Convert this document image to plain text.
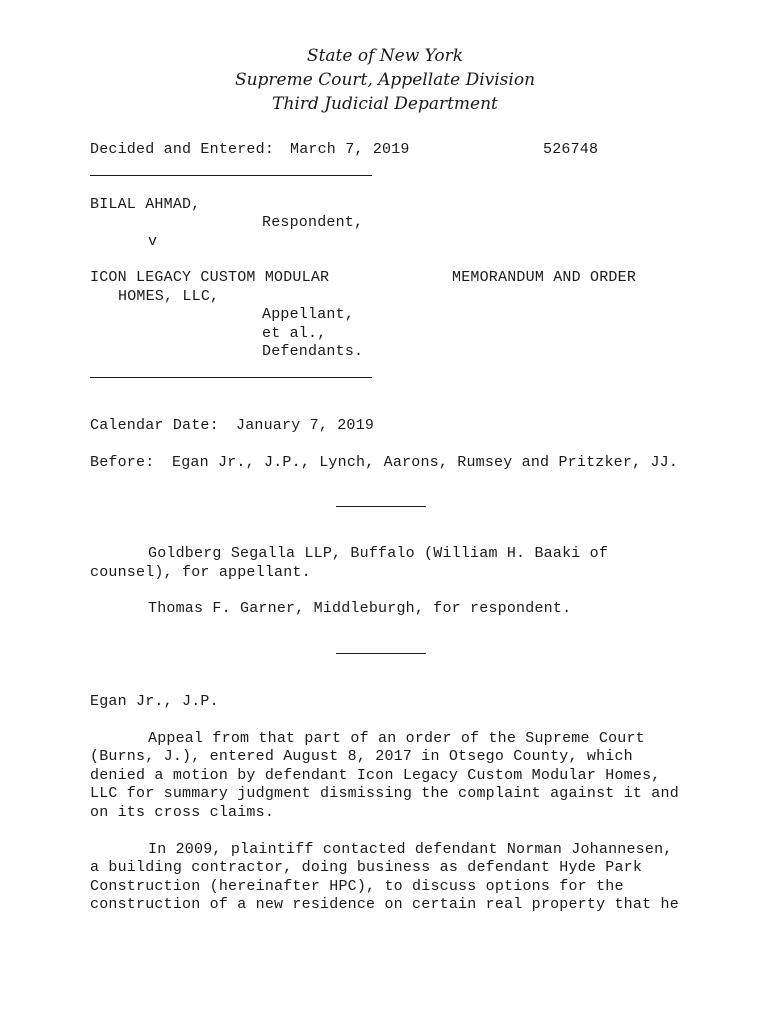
State of New York
Supreme Court, Appellate Division
Third Judicial Department
Decided and Entered: March 7, 2019	526748
BILAL AHMAD,
Respondent,
v
ICON LEGACY CUSTOM MODULAR	MEMORANDUM AND ORDER
HOMES, LLC,
Appellant,
et al.,
Defendants.
Calendar Date: January 7, 2019
Before: Egan Jr., J.P., Lynch, Aarons, Rumsey and Pritzker, JJ.
Goldberg Segalla LLP, Buffalo (William H. Baaki of
counsel), for appellant.
Thomas F. Garner, Middleburgh, for respondent.
Egan Jr., J.P.
Appeal from that part of an order of the Supreme Court
(Burns, J.), entered August 8, 2017 in Otsego County, which
denied a motion by defendant Icon Legacy Custom Modular Homes,
LLC for summary judgment dismissing the complaint against it and
on its cross claims.
In 2009, plaintiff contacted defendant Norman Johannesen,
a building contractor, doing business as defendant Hyde Park
Construction (hereinafter HPC), to discuss options for the
construction of a new residence on certain real property that he
